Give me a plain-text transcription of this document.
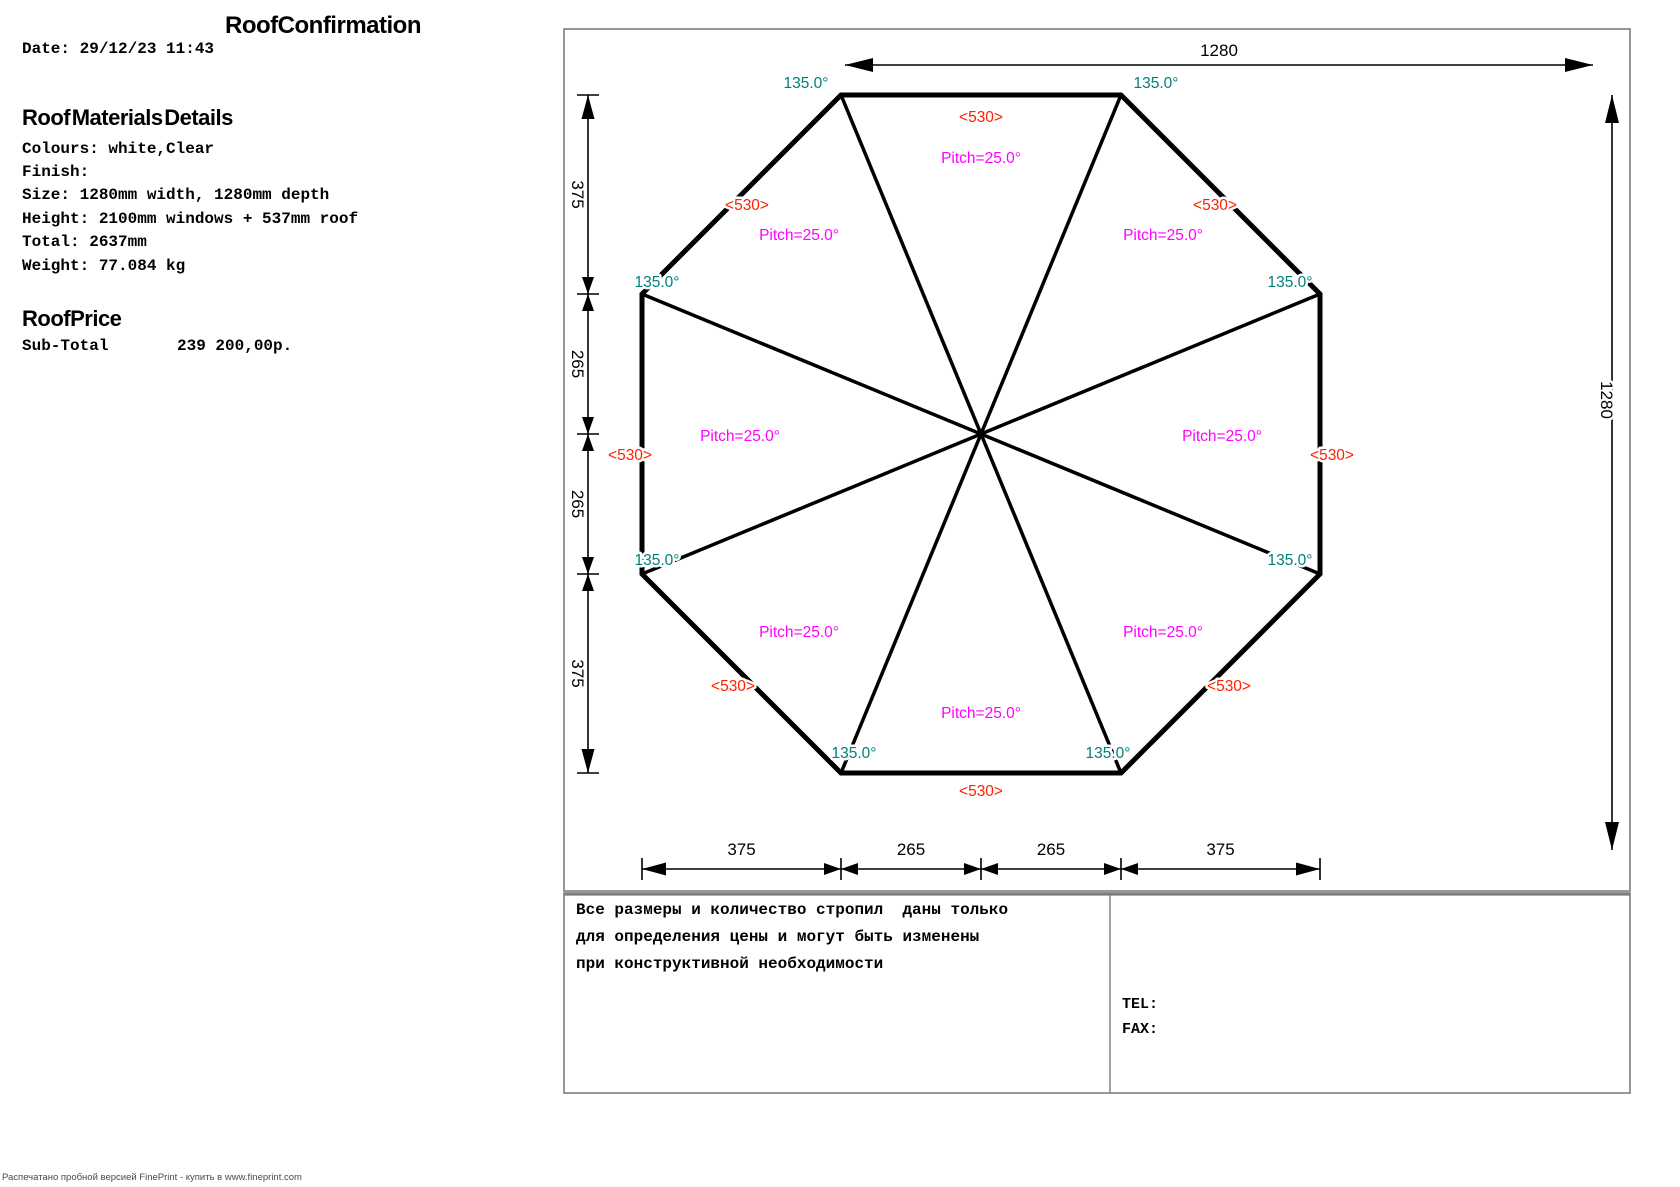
RoofConfirmation
Date: 29/12/23 11:43
Roof Materials Details
Colours: white,Clear
Finish:
Size: 1280mm width, 1280mm depth
Height: 2100mm windows + 537mm roof
Total: 2637mm
Weight: 77.084 kg
RoofPrice
Sub-Total	239 200,00p.
1280
1280
375
265
265
375
375	265	265	375
135.0°	135.0°
135.0°
135.0°
135.0°
135.0°
135.0°
135.0°
<530>
<530>
<530>
<530>
<530>
<530>
<530>
<530>
Pitch=25.0°
Pitch=25.0°
Pitch=25.0°
Pitch=25.0°
Pitch=25.0°
Pitch=25.0°
Pitch=25.0°
Pitch=25.0°
Все размеры и количество стропил  даны только
для определения цены и могут быть изменены
при конструктивной необходимости
TEL:
FAX:
Распечатано пробной версией FinePrint - купить в www.fineprint.com
